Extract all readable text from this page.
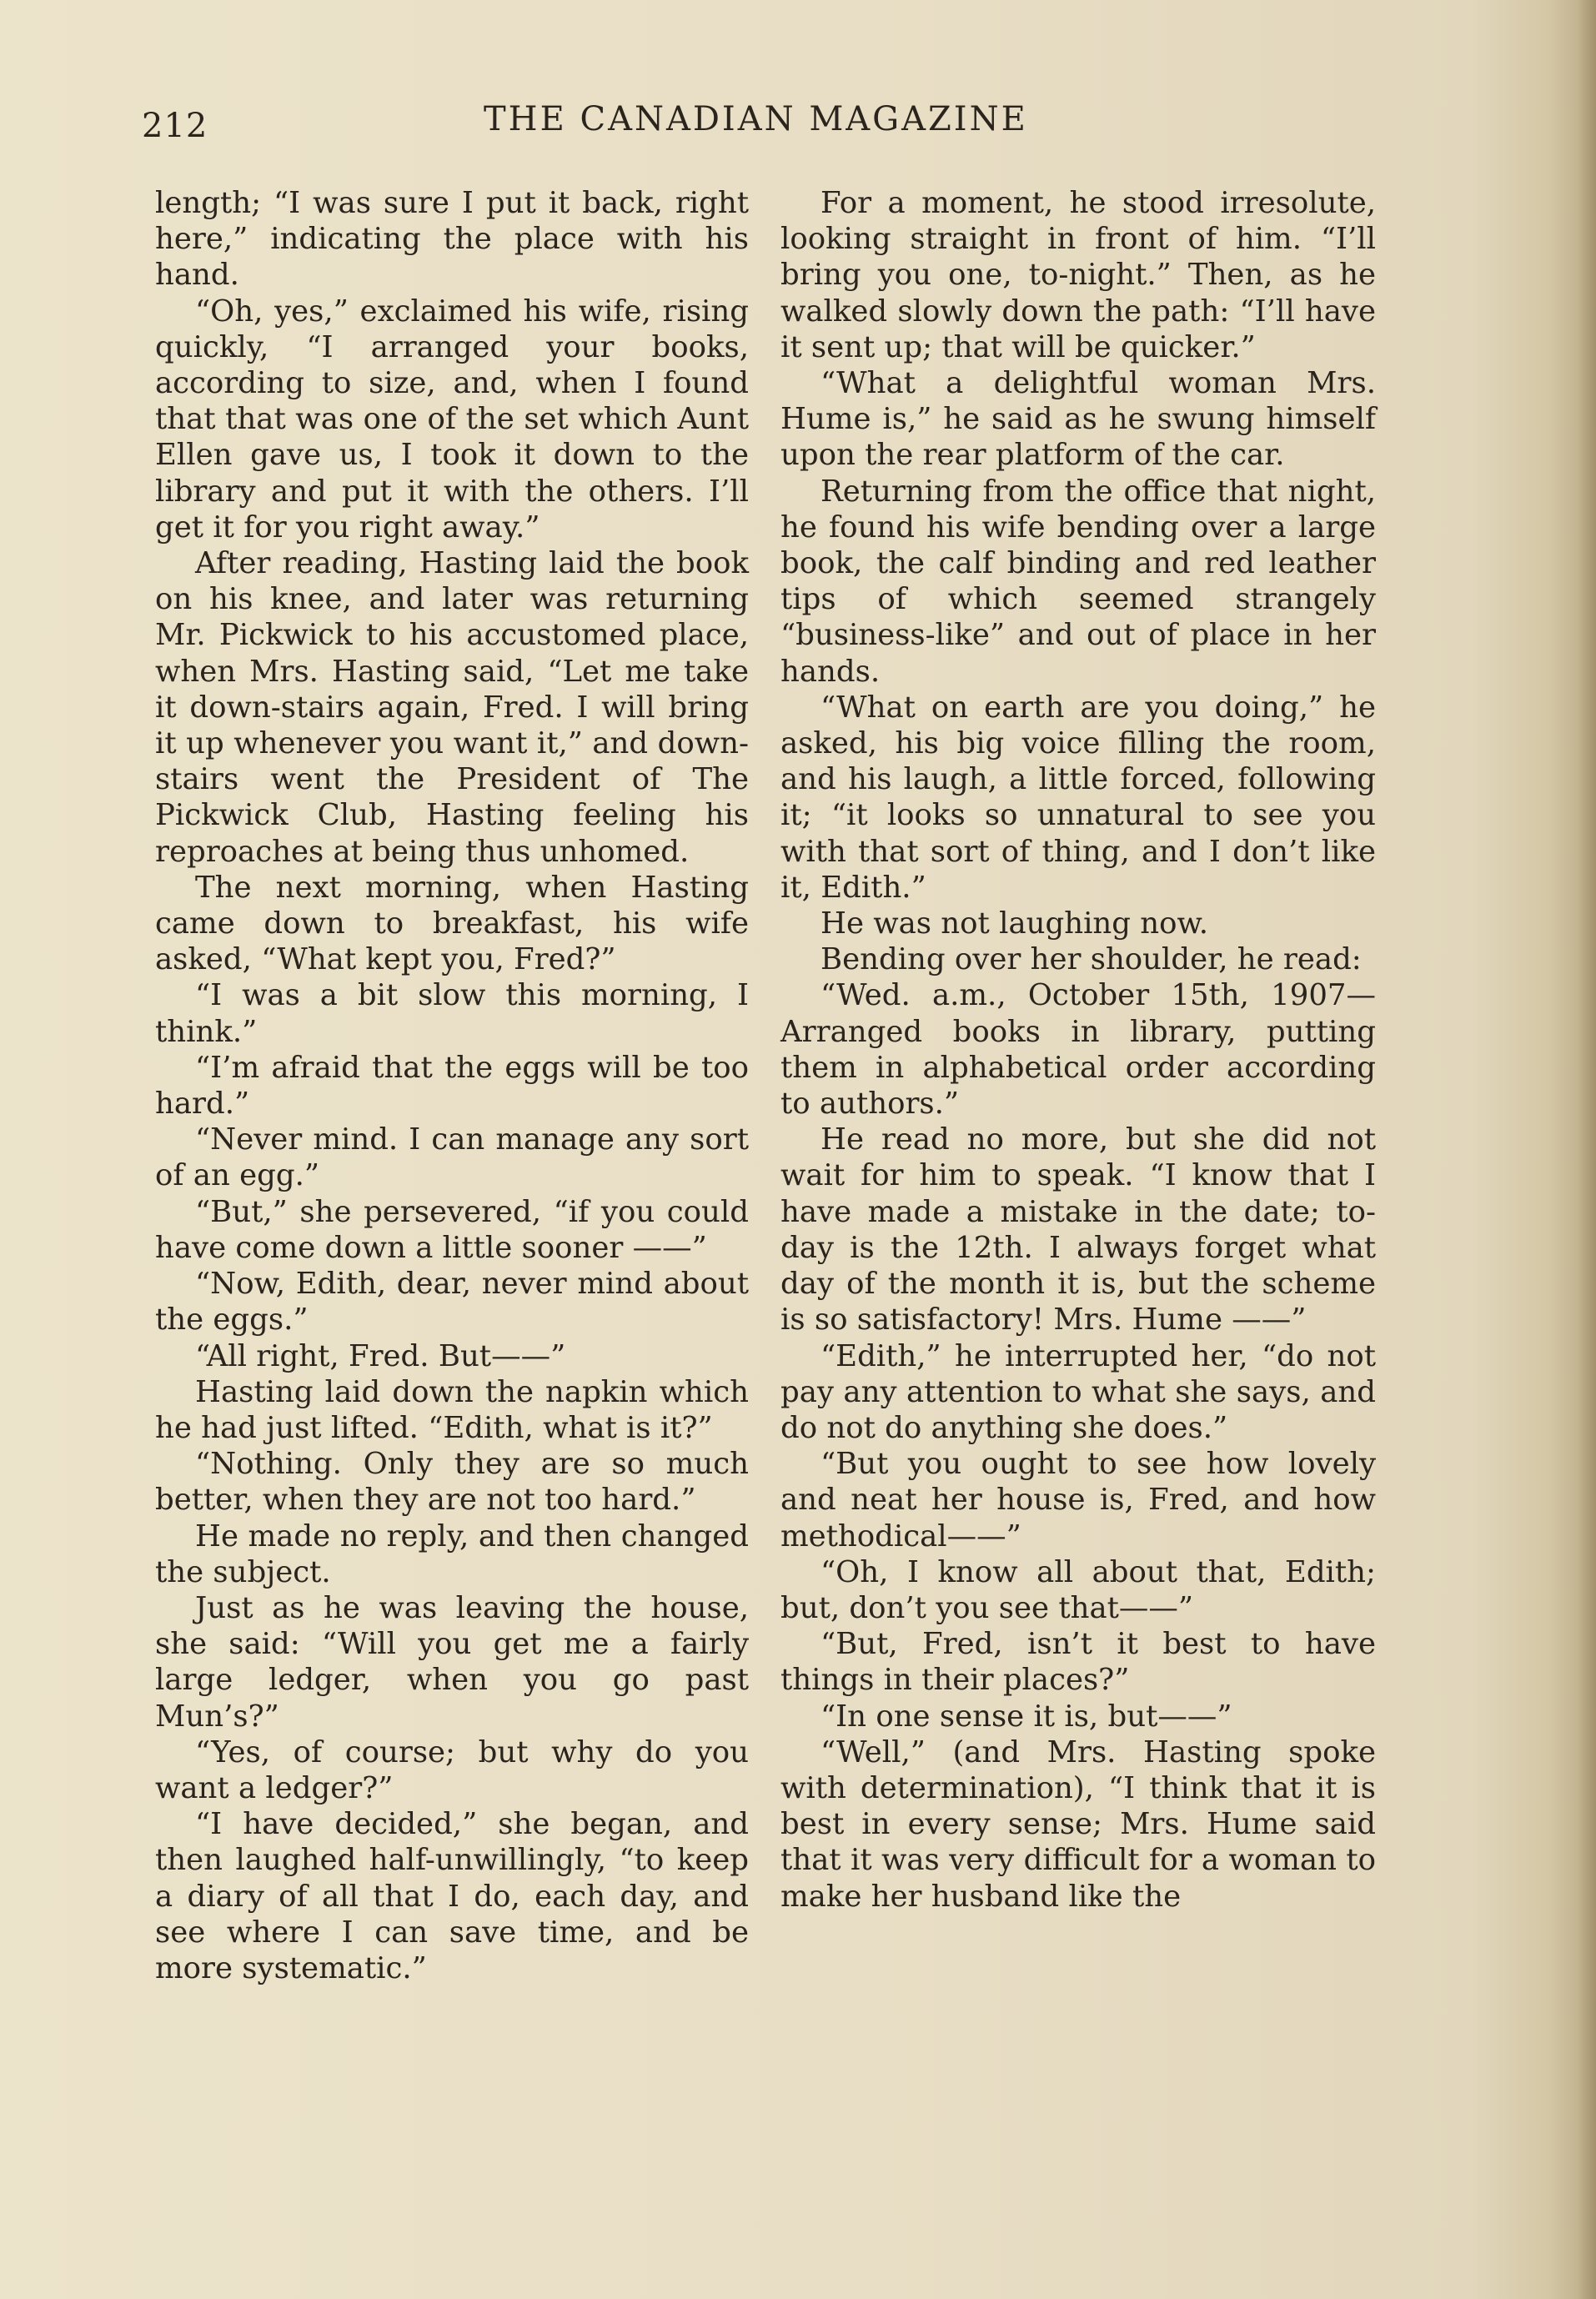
212	THE CANADIAN MAGAZINE

length; “I was sure I put it back, right here,” indicating the place with his hand.

“Oh, yes,” exclaimed his wife, rising quickly, “I arranged your books, according to size, and, when I found that that was one of the set which Aunt Ellen gave us, I took it down to the library and put it with the others. I’ll get it for you right away.”

After reading, Hasting laid the book on his knee, and later was returning Mr. Pickwick to his accustomed place, when Mrs. Hasting said, “Let me take it down-stairs again, Fred. I will bring it up whenever you want it,” and down-stairs went the President of The Pickwick Club, Hasting feeling his reproaches at being thus unhomed.

The next morning, when Hasting came down to breakfast, his wife asked, “What kept you, Fred?”

“I was a bit slow this morning, I think.”

“I’m afraid that the eggs will be too hard.”

“Never mind. I can manage any sort of an egg.”

“But,” she persevered, “if you could have come down a little sooner ——”

“Now, Edith, dear, never mind about the eggs.”

“All right, Fred. But——”

Hasting laid down the napkin which he had just lifted. “Edith, what is it?”

“Nothing. Only they are so much better, when they are not too hard.”

He made no reply, and then changed the subject.

Just as he was leaving the house, she said: “Will you get me a fairly large ledger, when you go past Mun’s?”

“Yes, of course; but why do you want a ledger?”

“I have decided,” she began, and then laughed half-unwillingly, “to keep a diary of all that I do, each day, and see where I can save time, and be more systematic.”

For a moment, he stood irresolute, looking straight in front of him. “I’ll bring you one, to-night.” Then, as he walked slowly down the path: “I’ll have it sent up; that will be quicker.”

“What a delightful woman Mrs. Hume is,” he said as he swung himself upon the rear platform of the car.

Returning from the office that night, he found his wife bending over a large book, the calf binding and red leather tips of which seemed strangely “business-like” and out of place in her hands.

“What on earth are you doing,” he asked, his big voice filling the room, and his laugh, a little forced, following it; “it looks so unnatural to see you with that sort of thing, and I don’t like it, Edith.”

He was not laughing now.

Bending over her shoulder, he read:

“Wed. a.m., October 15th, 1907— Arranged books in library, putting them in alphabetical order according to authors.”

He read no more, but she did not wait for him to speak. “I know that I have made a mistake in the date; to-day is the 12th. I always forget what day of the month it is, but the scheme is so satisfactory! Mrs. Hume ——”

“Edith,” he interrupted her, “do not pay any attention to what she says, and do not do anything she does.”

“But you ought to see how lovely and neat her house is, Fred, and how methodical——”

“Oh, I know all about that, Edith; but, don’t you see that——”

“But, Fred, isn’t it best to have things in their places?”

“In one sense it is, but——”

“Well,” (and Mrs. Hasting spoke with determination), “I think that it is best in every sense; Mrs. Hume said that it was very difficult for a woman to make her husband like the
